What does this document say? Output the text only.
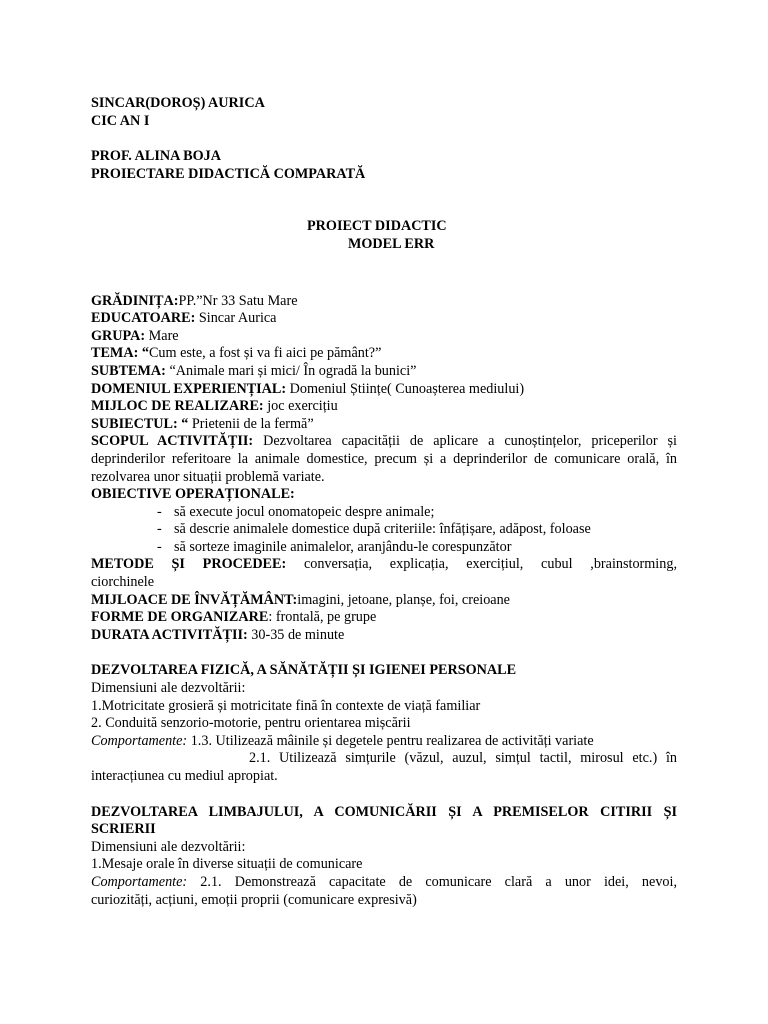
SINCAR(DOROȘ) AURICA
CIC AN I
PROF. ALINA BOJA
PROIECTARE DIDACTICĂ COMPARATĂ
PROIECT DIDACTIC
MODEL ERR
GRĂDINIȚA:PP.”Nr 33 Satu Mare
EDUCATOARE: Sincar Aurica
GRUPA: Mare
TEMA: “Cum este, a fost și va fi aici pe pământ?”
SUBTEMA: “Animale mari și mici/ În ogradă la bunici”
DOMENIUL EXPERIENȚIAL: Domeniul Științe( Cunoașterea mediului)
MIJLOC DE REALIZARE: joc exercițiu
SUBIECTUL: “ Prietenii de la fermă”
SCOPUL ACTIVITĂȚII: Dezvoltarea capacității de aplicare a cunoștințelor, priceperilor și
deprinderilor referitoare la animale domestice, precum și a deprinderilor de comunicare orală, în
rezolvarea unor situații problemă variate.
OBIECTIVE OPERAȚIONALE:
- să execute jocul onomatopeic despre animale;
- să descrie animalele domestice după criteriile: înfățișare, adăpost, foloase
- să sorteze imaginile animalelor, aranjându-le corespunzător
METODE ȘI PROCEDEE: conversația, explicația, exercițiul, cubul ,brainstorming,
ciorchinele
MIJLOACE DE ÎNVĂȚĂMÂNT:imagini, jetoane, planșe, foi, creioane
FORME DE ORGANIZARE: frontală, pe grupe
DURATA ACTIVITĂȚII: 30-35 de minute
DEZVOLTAREA FIZICĂ, A SĂNĂTĂȚII ȘI IGIENEI PERSONALE
Dimensiuni ale dezvoltării:
1.Motricitate grosieră și motricitate fină în contexte de viață familiar
2. Conduită senzorio-motorie, pentru orientarea mișcării
Comportamente: 1.3. Utilizează mâinile și degetele pentru realizarea de activități variate
2.1. Utilizează simțurile (văzul, auzul, simțul tactil, mirosul etc.) în
interacțiunea cu mediul apropiat.
DEZVOLTAREA LIMBAJULUI, A COMUNICĂRII ȘI A PREMISELOR CITIRII ȘI
SCRIERII
Dimensiuni ale dezvoltării:
1.Mesaje orale în diverse situații de comunicare
Comportamente: 2.1. Demonstrează capacitate de comunicare clară a unor idei, nevoi,
curiozități, acțiuni, emoții proprii (comunicare expresivă)
